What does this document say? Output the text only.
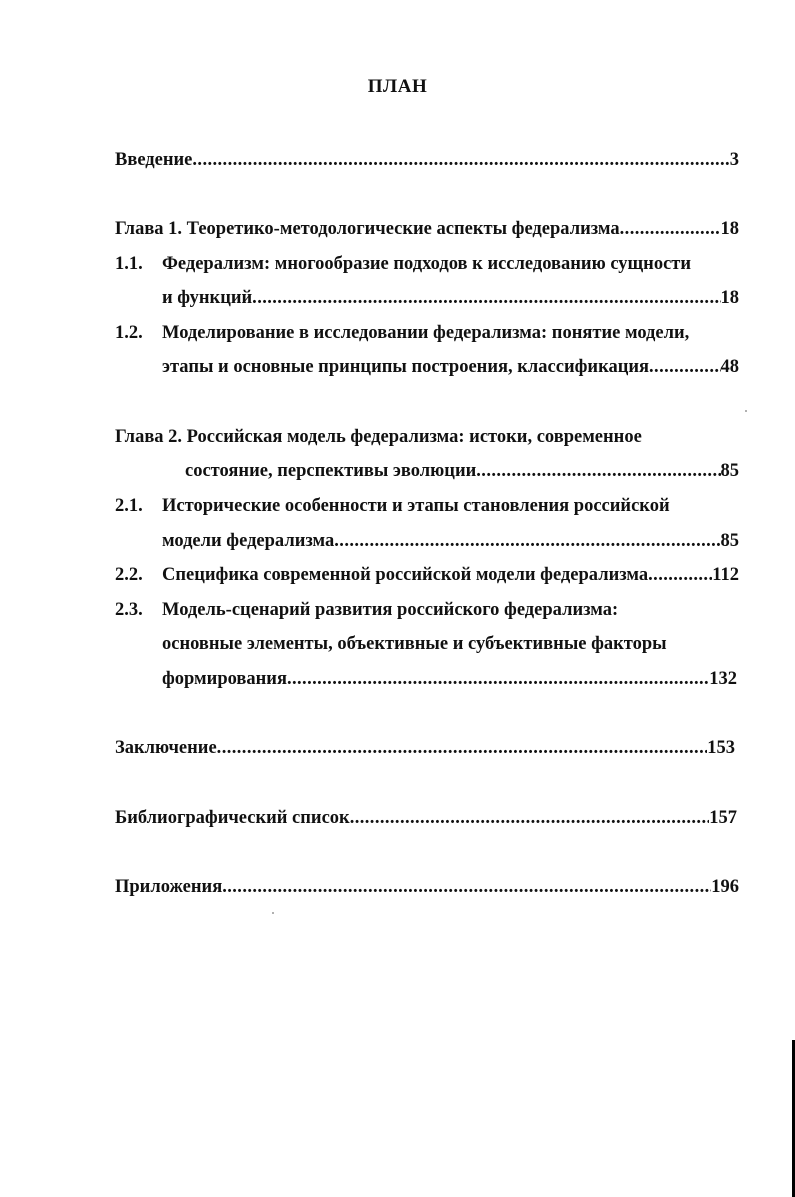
ПЛАН
Введение .....	3
Глава 1. Теоретико-методологические аспекты федерализма .....	18
1.1.	Федерализм: многообразие подходов к исследованию сущности
и функций .....	18
1.2.	Моделирование в исследовании федерализма: понятие модели,
этапы и основные принципы построения, классификация .....	48
Глава 2. Российская модель федерализма: истоки, современное
состояние, перспективы эволюции .....	85
2.1.	Исторические особенности и этапы становления российской
модели федерализма .....	85
2.2.	Специфика современной российской модели федерализма .....	112
2.3.	Модель-сценарий развития российского федерализма:
основные элементы, объективные и субъективные факторы
формирования .....	132
Заключение .....	153
Библиографический список .....	157
Приложения .....	196
